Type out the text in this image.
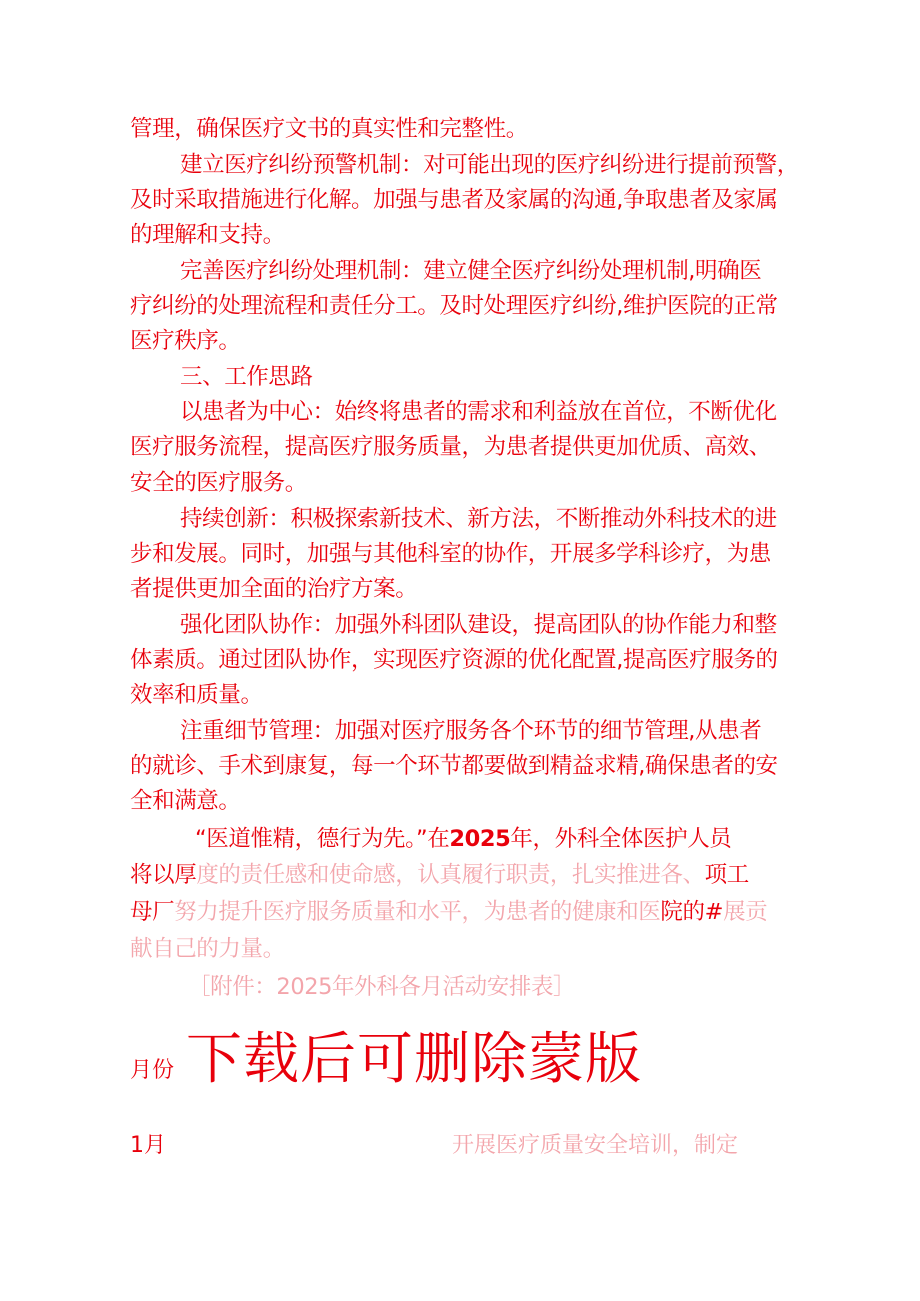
管理，确保医疗文书的真实性和完整性。
建立医疗纠纷预警机制：对可能出现的医疗纠纷进行提前预警，
及时采取措施进行化解。加强与患者及家属的沟通,争取患者及家属
的理解和支持。
完善医疗纠纷处理机制：建立健全医疗纠纷处理机制,明确医
疗纠纷的处理流程和责任分工。及时处理医疗纠纷,维护医院的正常
医疗秩序。
三、工作思路
以患者为中心：始终将患者的需求和利益放在首位，不断优化
医疗服务流程，提高医疗服务质量，为患者提供更加优质、高效、
安全的医疗服务。
持续创新：积极探索新技术、新方法，不断推动外科技术的进
步和发展。同时，加强与其他科室的协作，开展多学科诊疗，为患
者提供更加全面的治疗方案。
强化团队协作：加强外科团队建设，提高团队的协作能力和整
体素质。通过团队协作，实现医疗资源的优化配置,提高医疗服务的
效率和质量。
注重细节管理：加强对医疗服务各个环节的细节管理,从患者
的就诊、手术到康复，每一个环节都要做到精益求精,确保患者的安
全和满意。
“医道惟精，德行为先。”在2025年，外科全体医护人员
将以厚度的责任感和使命感，认真履行职责，扎实推进各、项工
母厂努力提升医疗服务质量和水平，为患者的健康和医院的#展贡
献自己的力量。
［附件：2025年外科各月活动安排表］
月份 下载后可删除蒙版
1月	开展医疗质量安全培训，制定
